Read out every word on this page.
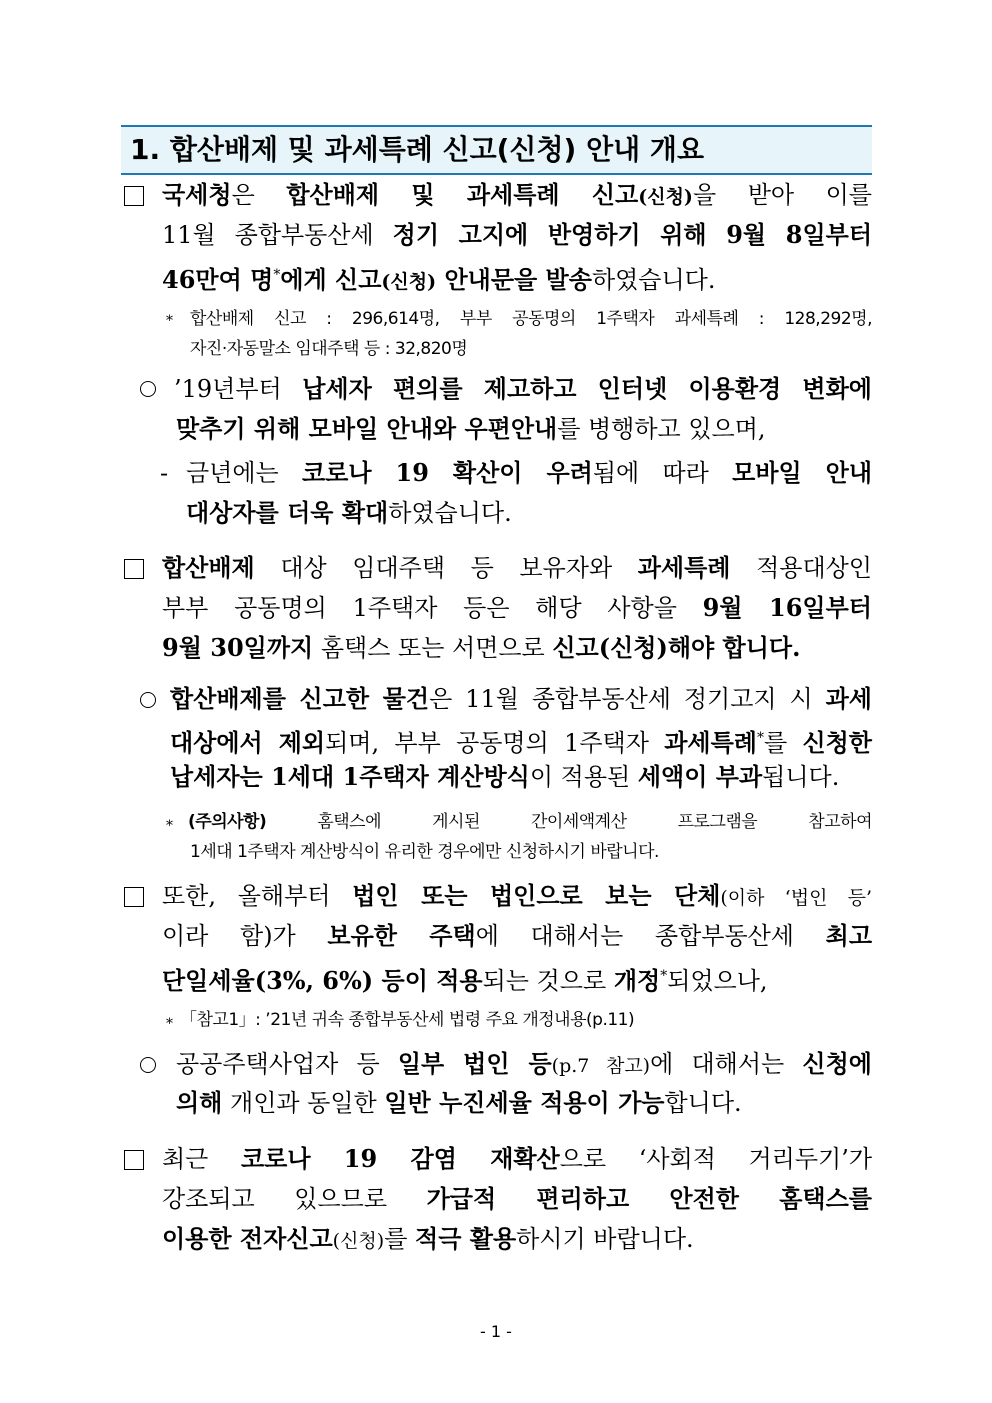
1. 합산배제 및 과세특례 신고(신청) 안내 개요
국세청은 합산배제 및 과세특례 신고(신청)을 받아 이를
11월 종합부동산세 정기 고지에 반영하기 위해 9월 8일부터
46만여 명*에게 신고(신청) 안내문을 발송하였습니다.
* 합산배제 신고 : 296,614명, 부부 공동명의 1주택자 과세특례 : 128,292명,
자진·자동말소 임대주택 등 : 32,820명
’19년부터 납세자 편의를 제고하고 인터넷 이용환경 변화에
맞추기 위해 모바일 안내와 우편안내를 병행하고 있으며,
- 금년에는 코로나 19 확산이 우려됨에 따라 모바일 안내
대상자를 더욱 확대하였습니다.
합산배제 대상 임대주택 등 보유자와 과세특례 적용대상인
부부 공동명의 1주택자 등은 해당 사항을 9월 16일부터
9월 30일까지 홈택스 또는 서면으로 신고(신청)해야 합니다.
합산배제를 신고한 물건은 11월 종합부동산세 정기고지 시 과세
대상에서 제외되며, 부부 공동명의 1주택자 과세특례*를 신청한
납세자는 1세대 1주택자 계산방식이 적용된 세액이 부과됩니다.
* (주의사항) 홈택스에 게시된 간이세액계산 프로그램을 참고하여
1세대 1주택자 계산방식이 유리한 경우에만 신청하시기 바랍니다.
또한, 올해부터 법인 또는 법인으로 보는 단체(이하 ‘법인 등’
이라 함)가 보유한 주택에 대해서는 종합부동산세 최고
단일세율(3%, 6%) 등이 적용되는 것으로 개정*되었으나,
* 「참고1」: ’21년 귀속 종합부동산세 법령 주요 개정내용(p.11)
공공주택사업자 등 일부 법인 등(p.7 참고)에 대해서는 신청에
의해 개인과 동일한 일반 누진세율 적용이 가능합니다.
최근 코로나 19 감염 재확산으로 ‘사회적 거리두기’가
강조되고 있으므로 가급적 편리하고 안전한 홈택스를
이용한 전자신고(신청)를 적극 활용하시기 바랍니다.
- 1 -
